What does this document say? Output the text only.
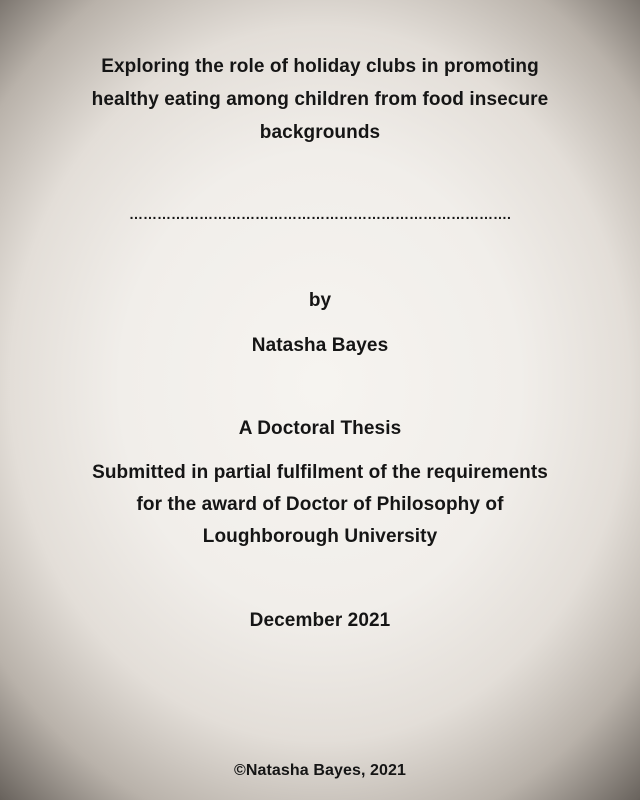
Exploring the role of holiday clubs in promoting

healthy eating among children from food insecure

backgrounds

……………………………………………………………………….

by

Natasha Bayes

A Doctoral Thesis

Submitted in partial fulfilment of the requirements

for the award of Doctor of Philosophy of

Loughborough University

December 2021

©Natasha Bayes, 2021
